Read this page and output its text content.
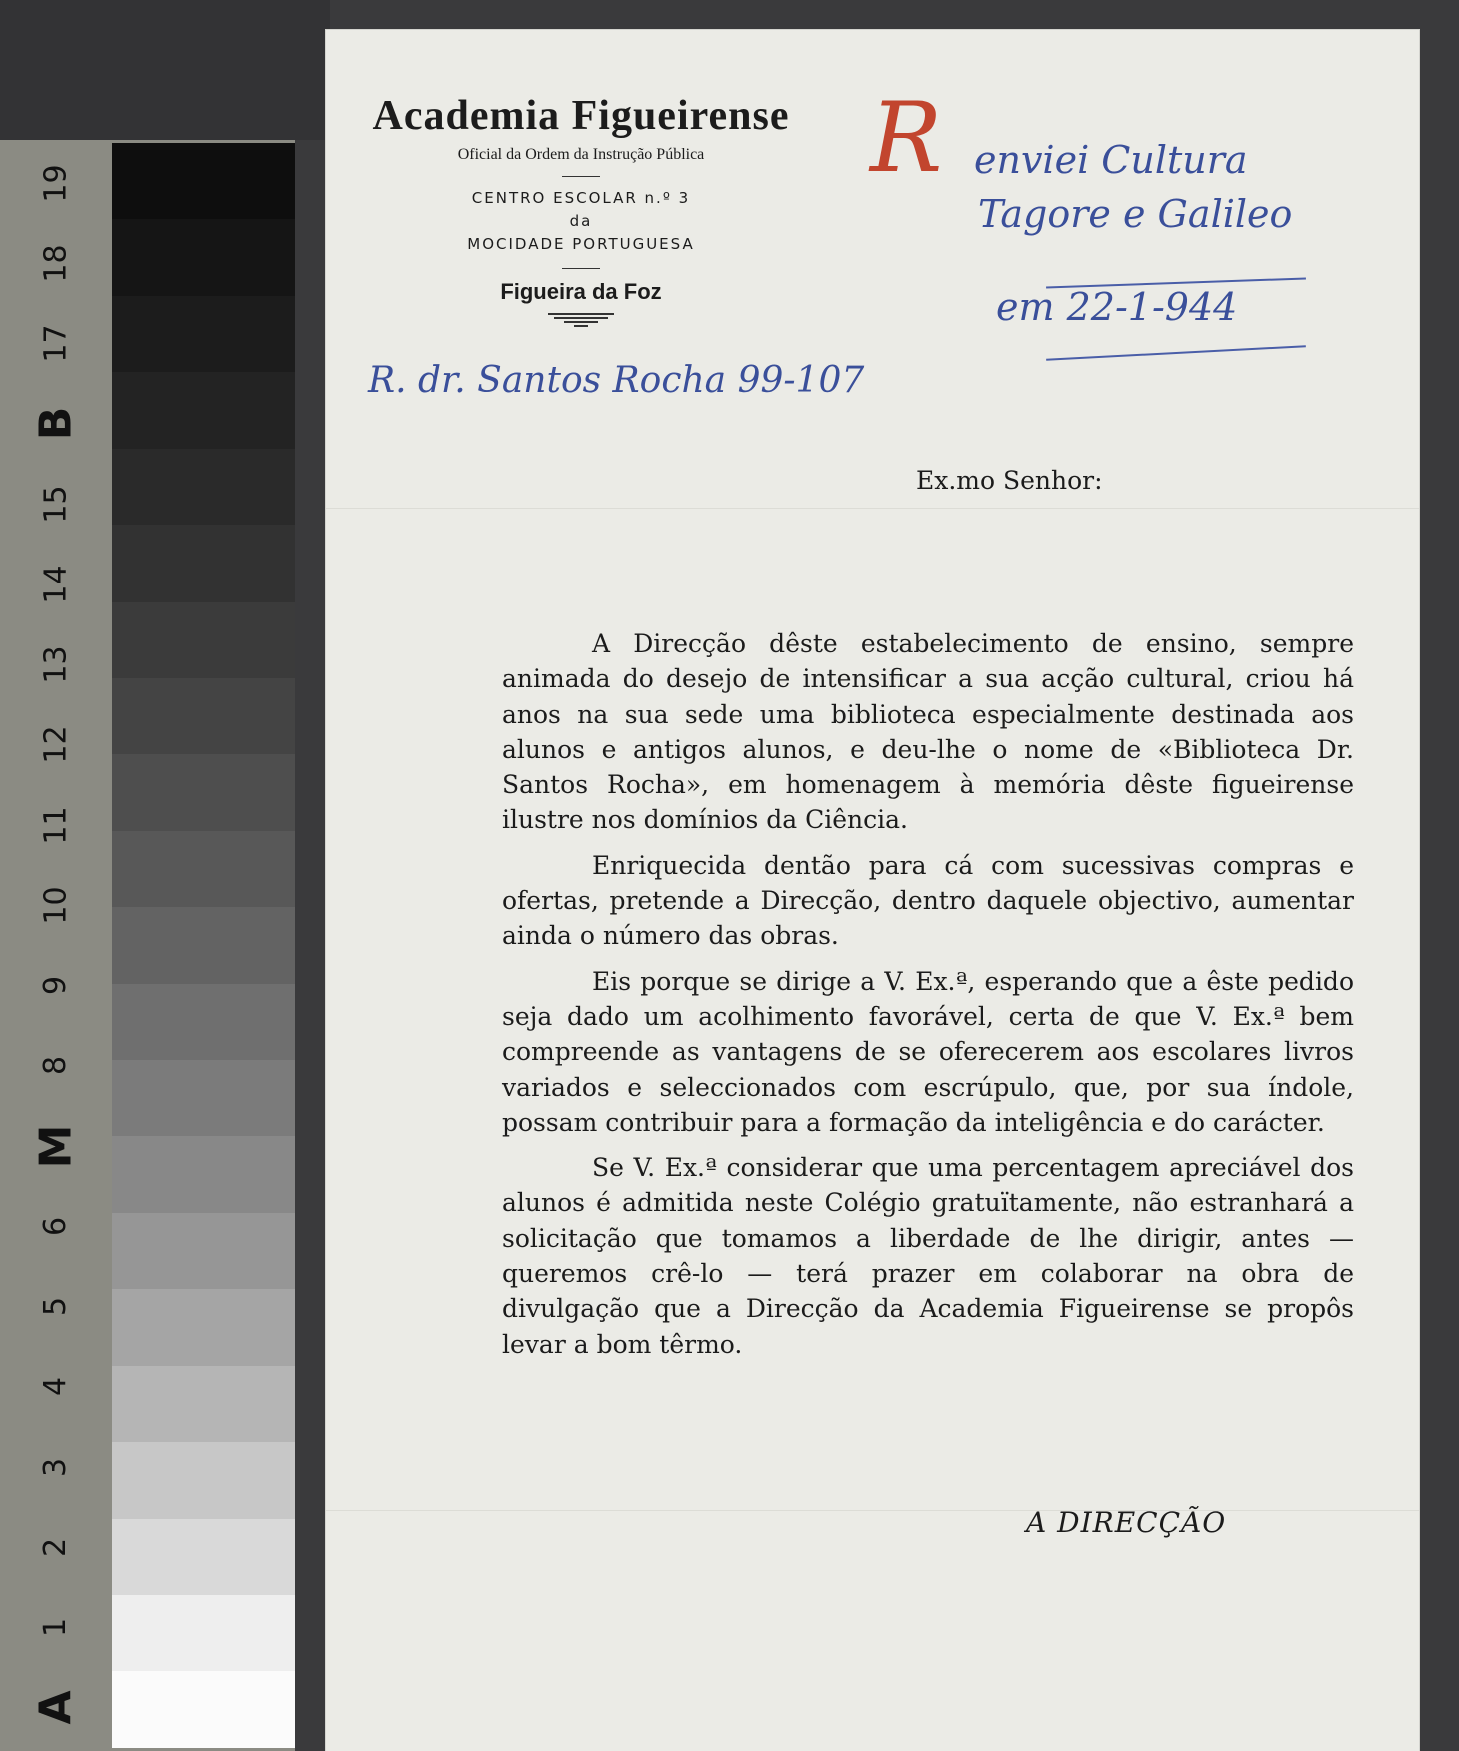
19
18
17
B
15
14
13
12
11
10
9
8
M
6
5
4
3
2
1
A
Academia Figueirense
Oficial da Ordem da Instrução Pública
CENTRO ESCOLAR n.º 3
da
MOCIDADE PORTUGUESA
Figueira da Foz
R enviei Cultura
Tagore e Galileo
em 22-1-944
R. dr. Santos Rocha 99-107
Ex.mo Senhor:

A Direcção dêste estabelecimento de ensino, sempre animada do desejo de intensificar a sua acção cultural, criou há anos na sua sede uma biblioteca especialmente destinada aos alunos e antigos alunos, e deu-lhe o nome de «Biblioteca Dr. Santos Rocha», em homenagem à memória dêste figueirense ilustre nos domínios da Ciência.

Enriquecida dentão para cá com sucessivas compras e ofertas, pretende a Direcção, dentro daquele objectivo, aumentar ainda o número das obras.

Eis porque se dirige a V. Ex.ª, esperando que a êste pedido seja dado um acolhimento favorável, certa de que V. Ex.ª bem compreende as vantagens de se oferecerem aos escolares livros variados e seleccionados com escrúpulo, que, por sua índole, possam contribuir para a formação da inteligência e do carácter.

Se V. Ex.ª considerar que uma percentagem apreciável dos alunos é admitida neste Colégio gratuïtamente, não estranhará a solicitação que tomamos a liberdade de lhe dirigir, antes — queremos crê-lo — terá prazer em colaborar na obra de divulgação que a Direcção da Academia Figueirense se propôs levar a bom têrmo.

A DIRECÇÃO
